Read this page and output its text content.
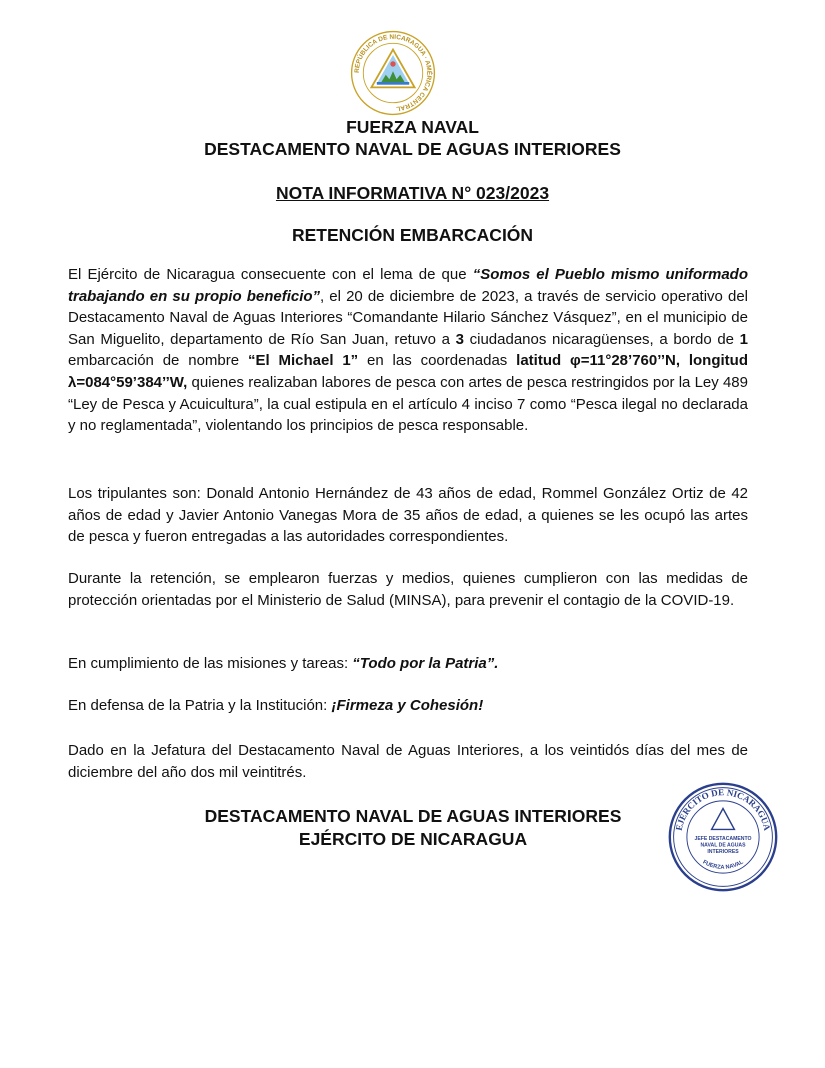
REPÚBLICA DE NICARAGUA · AMÉRICA CENTRAL
FUERZA NAVAL
DESTACAMENTO NAVAL DE AGUAS INTERIORES
NOTA INFORMATIVA N° 023/2023
RETENCIÓN EMBARCACIÓN
El Ejército de Nicaragua consecuente con el lema de que “Somos el Pueblo mismo uniformado trabajando en su propio beneficio”, el 20 de diciembre de 2023, a través de servicio operativo del Destacamento Naval de Aguas Interiores “Comandante Hilario Sánchez Vásquez”, en el municipio de San Miguelito, departamento de Río San Juan, retuvo a 3 ciudadanos nicaragüenses, a bordo de 1 embarcación de nombre “El Michael 1” en las coordenadas latitud φ=11°28’760’’N, longitud λ=084°59’384’’W, quienes realizaban labores de pesca con artes de pesca restringidos por la Ley 489 “Ley de Pesca y Acuicultura”, la cual estipula en el artículo 4 inciso 7 como “Pesca ilegal no declarada y no reglamentada”, violentando los principios de pesca responsable.
Los tripulantes son: Donald Antonio Hernández de 43 años de edad, Rommel González Ortiz de 42 años de edad y Javier Antonio Vanegas Mora de 35 años de edad, a quienes se les ocupó las artes de pesca y fueron entregadas a las autoridades correspondientes.
Durante la retención, se emplearon fuerzas y medios, quienes cumplieron con las medidas de protección orientadas por el Ministerio de Salud (MINSA), para prevenir el contagio de la COVID-19.
En cumplimiento de las misiones y tareas: “Todo por la Patria”.
En defensa de la Patria y la Institución: ¡Firmeza y Cohesión!
Dado en la Jefatura del Destacamento Naval de Aguas Interiores, a los veintidós días del mes de diciembre del año dos mil veintitrés.
DESTACAMENTO NAVAL DE AGUAS INTERIORES
EJÉRCITO DE NICARAGUA
EJÉRCITO DE NICARAGUA
JEFE DESTACAMENTO
NAVAL DE AGUAS
INTERIORES
FUERZA NAVAL
